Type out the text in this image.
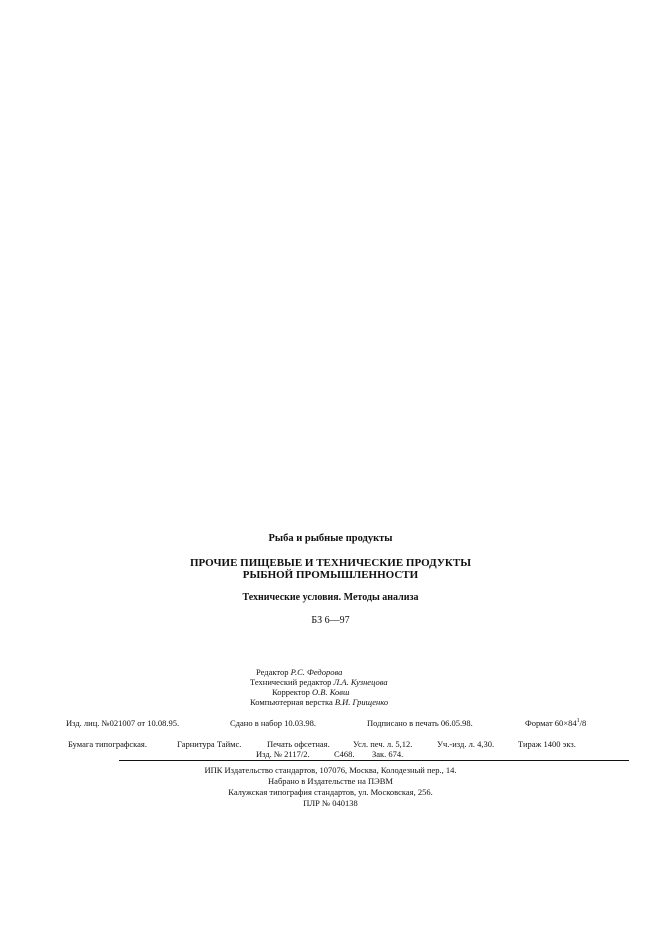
Рыба и рыбные продукты
ПРОЧИЕ ПИЩЕВЫЕ И ТЕХНИЧЕСКИЕ ПРОДУКТЫ
РЫБНОЙ ПРОМЫШЛЕННОСТИ
Технические условия. Методы анализа
БЗ 6—97
Редактор Р.С. Федорова
Технический редактор Л.А. Кузнецова
Корректор О.В. Ковш
Компьютерная верстка В.И. Грищенко
Изд. лиц. №021007 от 10.08.95.	Сдано в набор 10.03.98.	Подписано в печать 06.05.98.	Формат $60\times 84^1/8$
Бумага типографская.	Гарнитура Таймс.	Печать офсетная.	Усл. печ. л. 5,12.	Уч.-изд. л. 4,30.	Тираж 1400 экз.
Изд. № 2117/2.	С468. Зак. 674.
ИПК Издательство стандартов, 107076, Москва, Колодезный пер., 14.
Набрано в Издательстве на ПЭВМ
Калужская типография стандартов, ул. Московская, 256.
ПЛР № 040138
